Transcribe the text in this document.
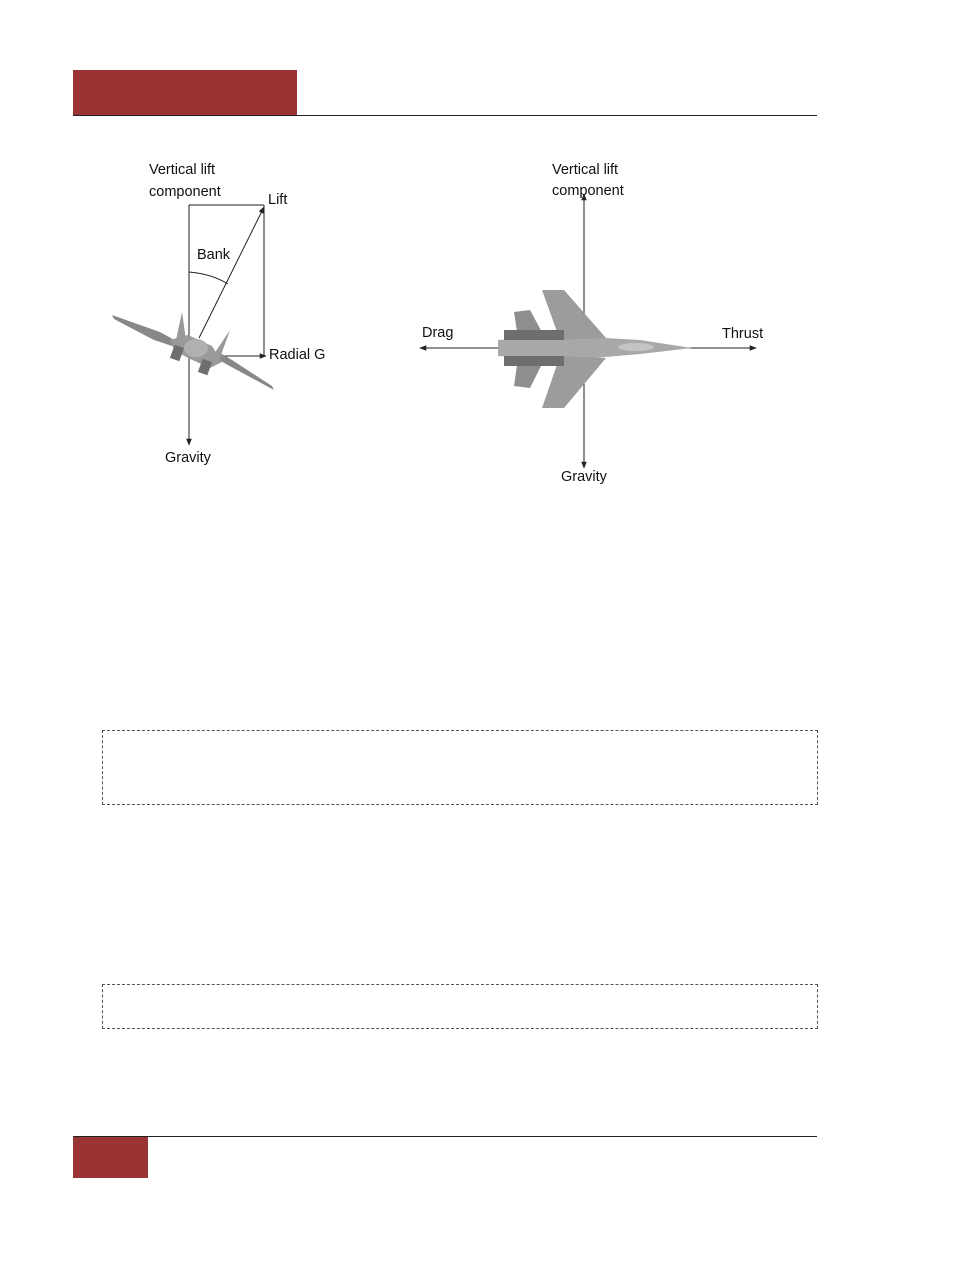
Vertical lift
component	Lift
Bank
Radial G
Gravity
Vertical lift
component
Drag	Thrust
Gravity
